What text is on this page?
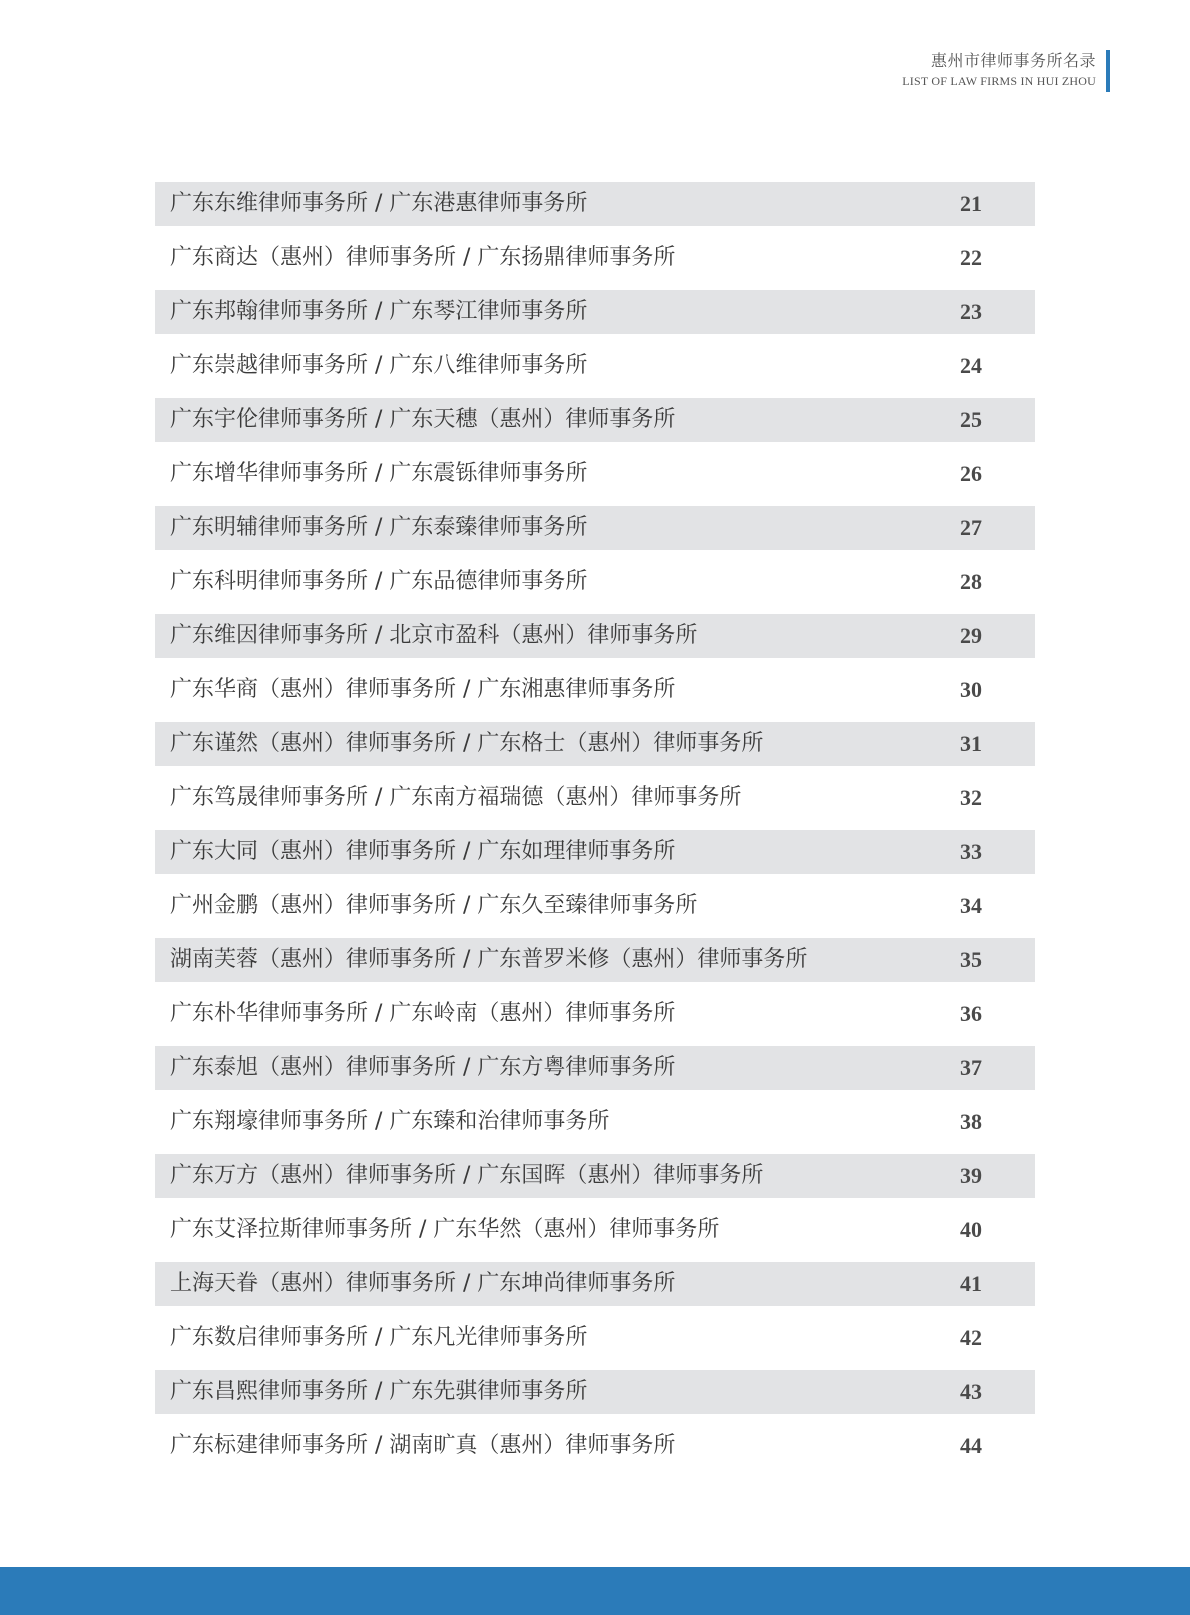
惠州市律师事务所名录
LIST OF LAW FIRMS IN HUI ZHOU
广东东维律师事务所 / 广东港惠律师事务所	21
广东商达（惠州）律师事务所 / 广东扬鼎律师事务所	22
广东邦翰律师事务所 / 广东琴江律师事务所	23
广东崇越律师事务所 / 广东八维律师事务所	24
广东宇伦律师事务所 / 广东天穗（惠州）律师事务所	25
广东增华律师事务所 / 广东震铄律师事务所	26
广东明辅律师事务所 / 广东泰臻律师事务所	27
广东科明律师事务所 / 广东品德律师事务所	28
广东维因律师事务所 / 北京市盈科（惠州）律师事务所	29
广东华商（惠州）律师事务所 / 广东湘惠律师事务所	30
广东谨然（惠州）律师事务所 / 广东格士（惠州）律师事务所	31
广东笃晟律师事务所 / 广东南方福瑞德（惠州）律师事务所	32
广东大同（惠州）律师事务所 / 广东如理律师事务所	33
广州金鹏（惠州）律师事务所 / 广东久至臻律师事务所	34
湖南芙蓉（惠州）律师事务所 / 广东普罗米修（惠州）律师事务所	35
广东朴华律师事务所 / 广东岭南（惠州）律师事务所	36
广东泰旭（惠州）律师事务所 / 广东方粤律师事务所	37
广东翔壕律师事务所 / 广东臻和治律师事务所	38
广东万方（惠州）律师事务所 / 广东国晖（惠州）律师事务所	39
广东艾泽拉斯律师事务所 / 广东华然（惠州）律师事务所	40
上海天眷（惠州）律师事务所 / 广东坤尚律师事务所	41
广东数启律师事务所 / 广东凡光律师事务所	42
广东昌熙律师事务所 / 广东先骐律师事务所	43
广东标建律师事务所 / 湖南旷真（惠州）律师事务所	44
